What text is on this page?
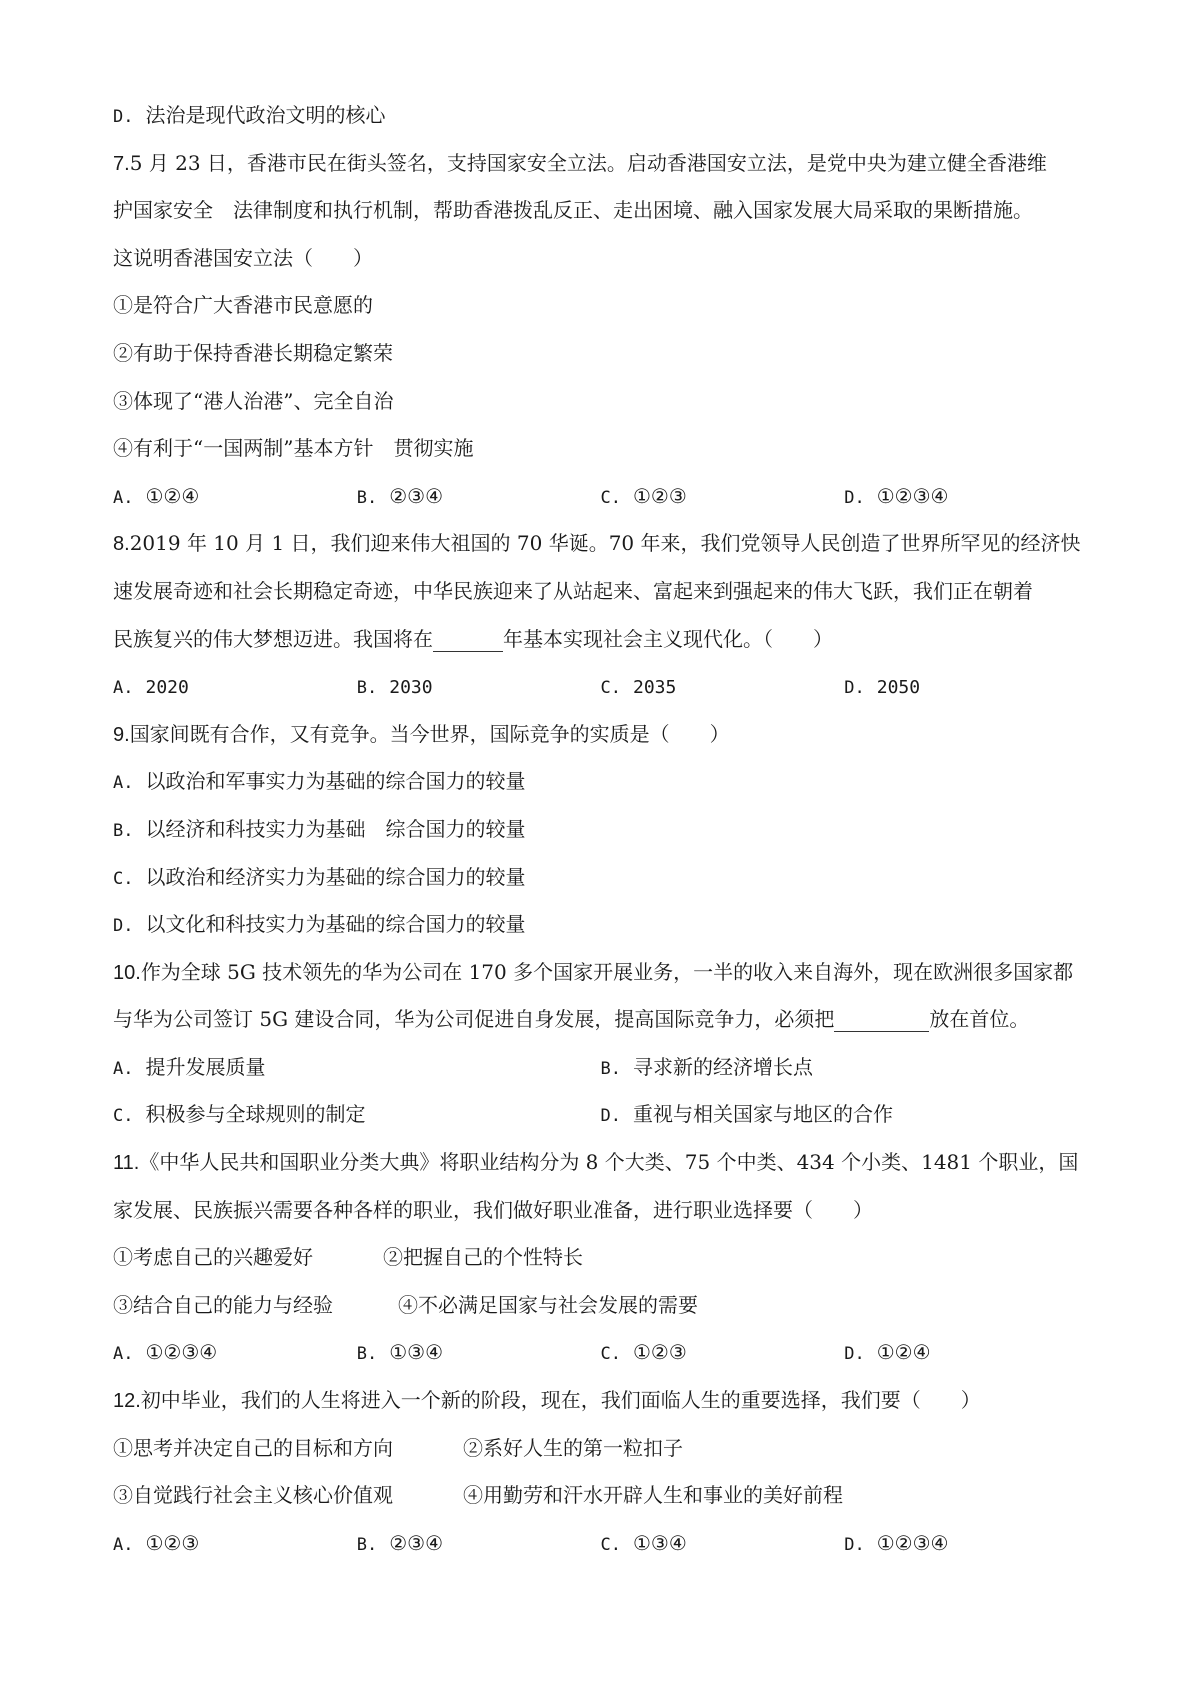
D. 法治是现代政治文明的核心
7.5 月 23 日，香港市民在街头签名，支持国家安全立法。启动香港国安立法，是党中央为建立健全香港维
护国家安全 法律制度和执行机制，帮助香港拨乱反正、走出困境、融入国家发展大局采取的果断措施。
这说明香港国安立法（　　）
①是符合广大香港市民意愿的
②有助于保持香港长期稳定繁荣
③体现了“港人治港”、完全自治
④有利于“一国两制”基本方针 贯彻实施
A. ①②④	B. ②③④	C. ①②③	D. ①②③④
8.2019 年 10 月 1 日，我们迎来伟大祖国的 70 华诞。70 年来，我们党领导人民创造了世界所罕见的经济快
速发展奇迹和社会长期稳定奇迹，中华民族迎来了从站起来、富起来到强起来的伟大飞跃，我们正在朝着
民族复兴的伟大梦想迈进。我国将在	年基本实现社会主义现代化。（　　）
A. 2020	B. 2030	C. 2035	D. 2050
9.国家间既有合作，又有竞争。当今世界，国际竞争的实质是（　　）
A. 以政治和军事实力为基础的综合国力的较量
B. 以经济和科技实力为基础　综合国力的较量
C. 以政治和经济实力为基础的综合国力的较量
D. 以文化和科技实力为基础的综合国力的较量
10.作为全球 5G 技术领先的华为公司在 170 多个国家开展业务，一半的收入来自海外，现在欧洲很多国家都
与华为公司签订 5G 建设合同，华为公司促进自身发展，提高国际竞争力，必须把	放在首位。
A. 提升发展质量	B. 寻求新的经济增长点
C. 积极参与全球规则的制定	D. 重视与相关国家与地区的合作
11.《中华人民共和国职业分类大典》将职业结构分为 8 个大类、75 个中类、434 个小类、1481 个职业，国
家发展、民族振兴需要各种各样的职业，我们做好职业准备，进行职业选择要（　　）
①考虑自己的兴趣爱好	②把握自己的个性特长
③结合自己的能力与经验	④不必满足国家与社会发展的需要
A. ①②③④	B. ①③④	C. ①②③	D. ①②④
12.初中毕业，我们的人生将进入一个新的阶段，现在，我们面临人生的重要选择，我们要（　　）
①思考并决定自己的目标和方向	②系好人生的第一粒扣子
③自觉践行社会主义核心价值观	④用勤劳和汗水开辟人生和事业的美好前程
A. ①②③	B. ②③④	C. ①③④	D. ①②③④
